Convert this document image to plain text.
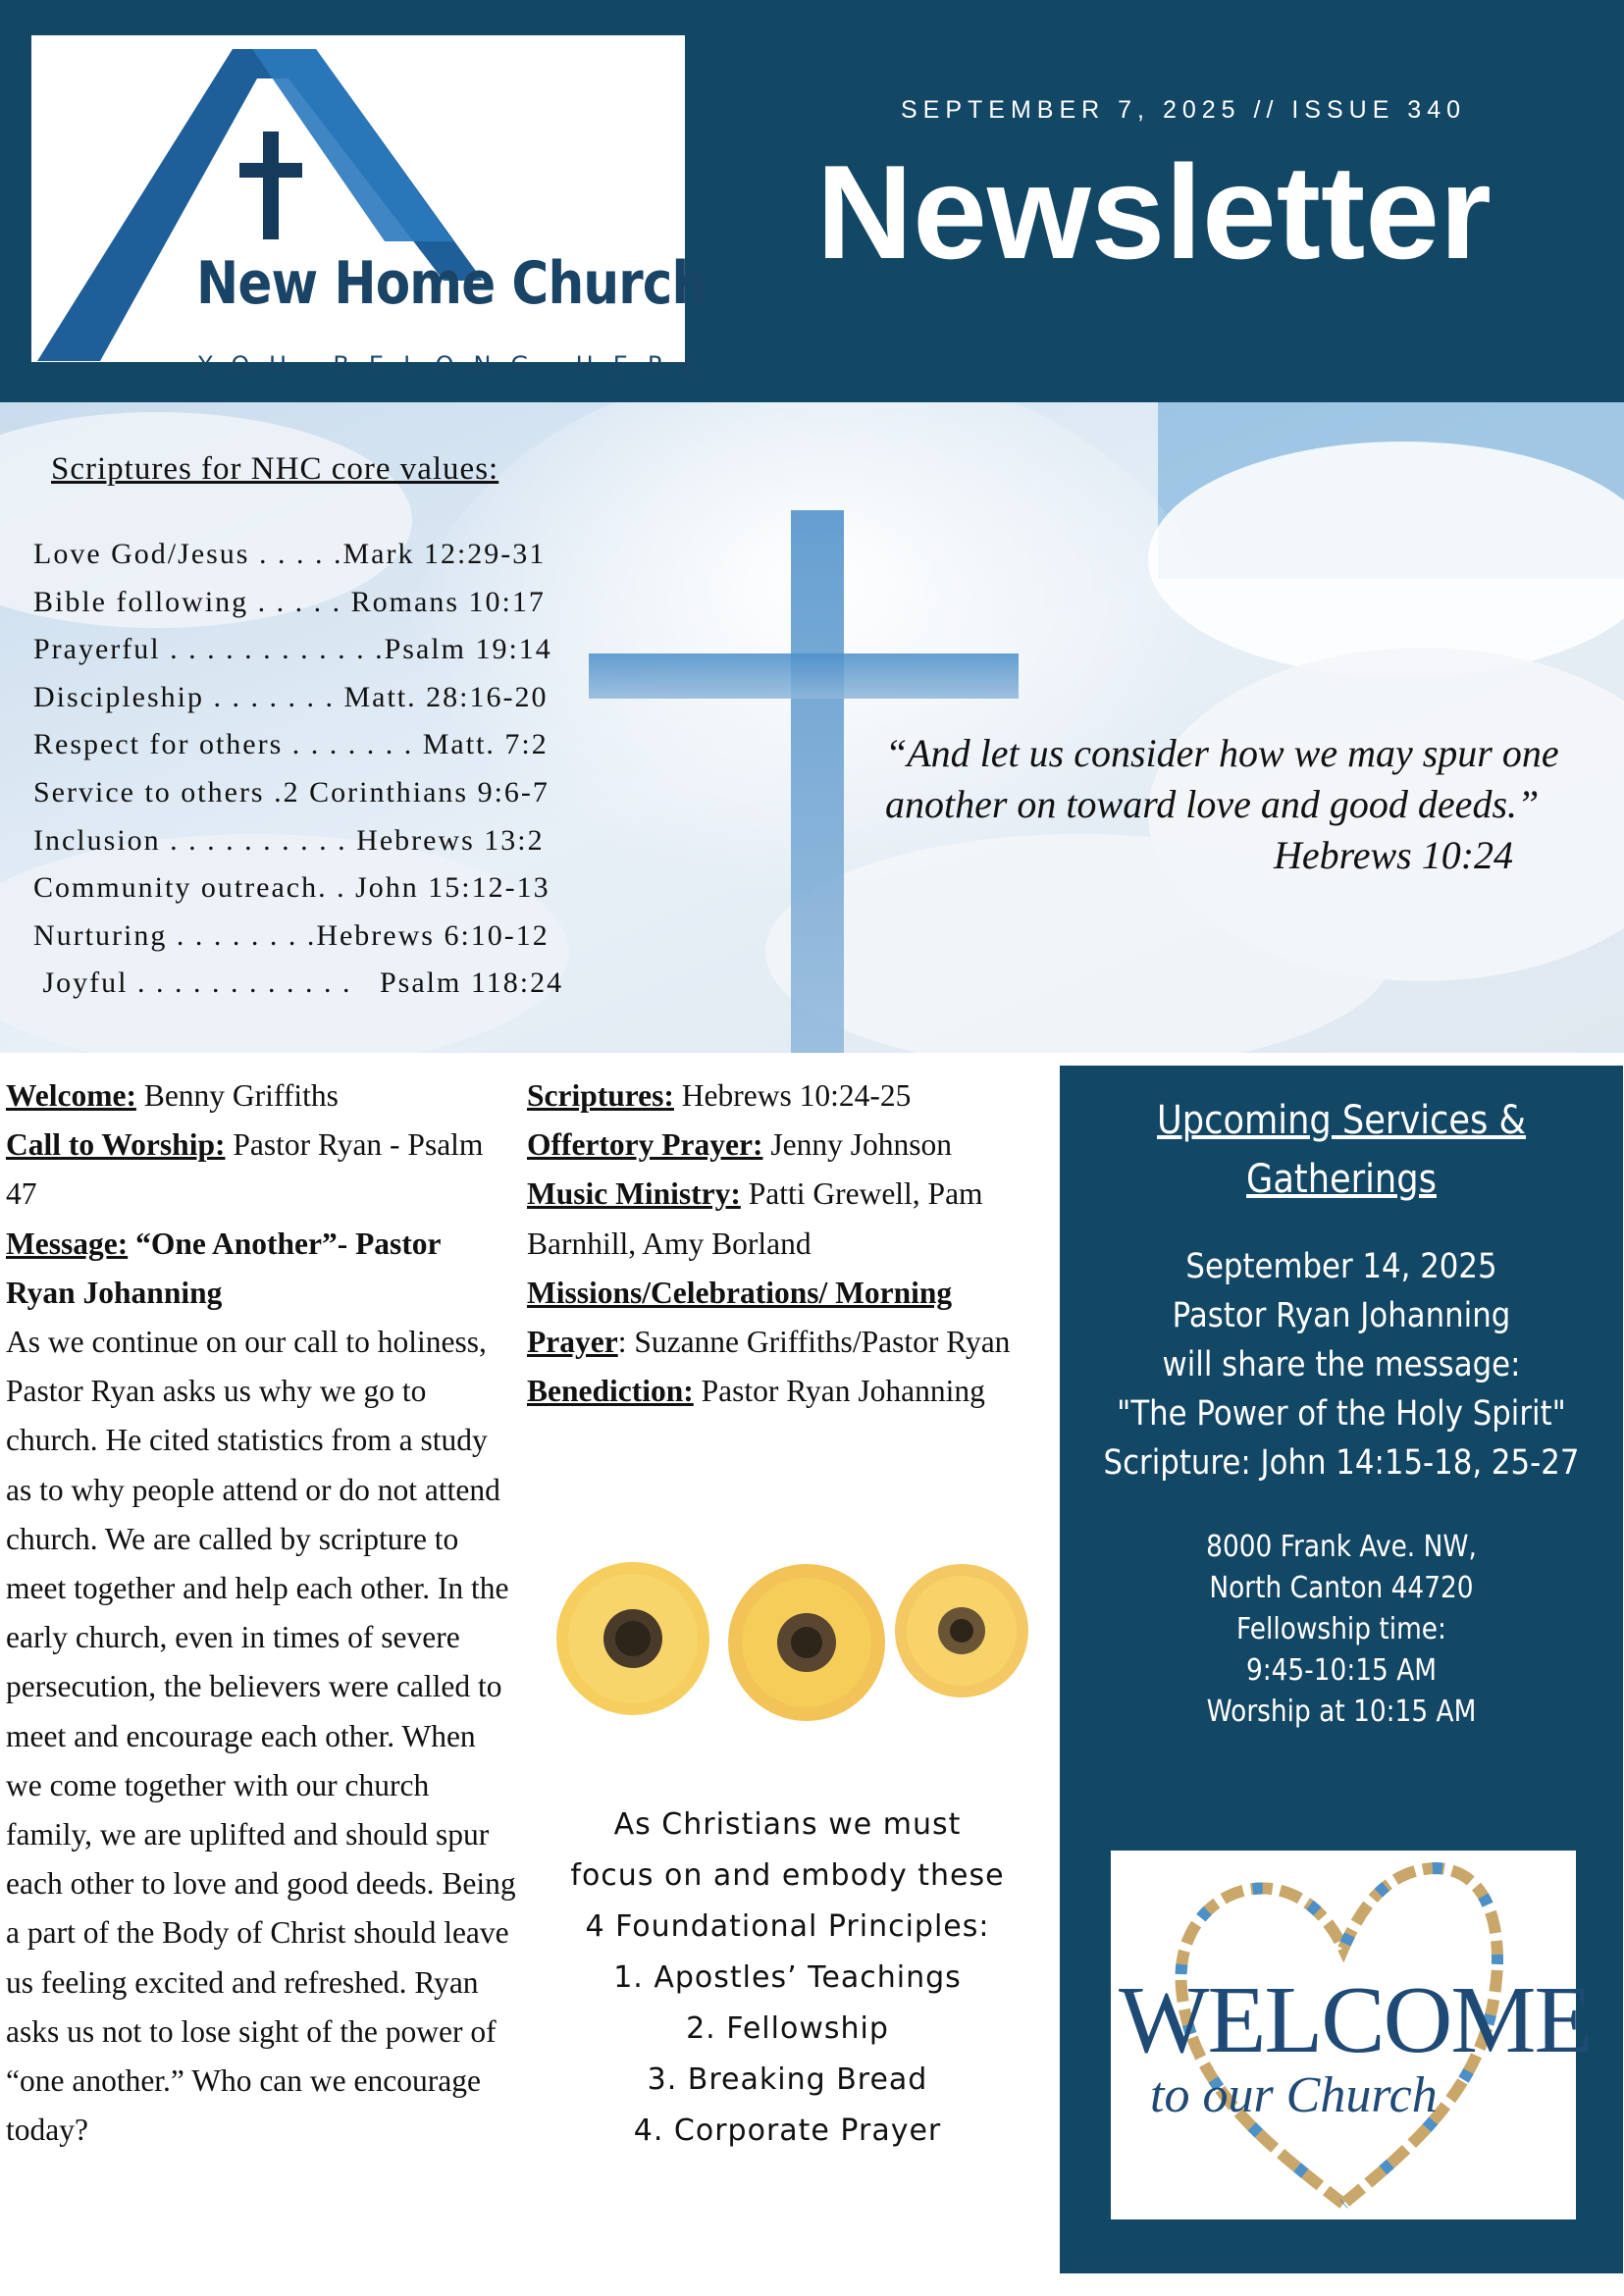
New Home Church
YOU BELONG HERE
SEPTEMBER 7, 2025 // ISSUE 340
Newsletter
Scriptures for NHC core values:
Love God/Jesus . . . . .Mark 12:29-31
Bible following . . . . . Romans 10:17
Prayerful . . . . . . . . . . . .Psalm 19:14
Discipleship . . . . . . . Matt. 28:16-20
Respect for others . . . . . . . Matt. 7:2
Service to others .2 Corinthians 9:6-7
Inclusion . . . . . . . . . . Hebrews 13:2
Community outreach. . John 15:12-13
Nurturing . . . . . . . .Hebrews 6:10-12
Joyful . . . . . . . . . . . .   Psalm 118:24
“And let us consider how we may spur one
another on toward love and good deeds.”
Hebrews 10:24
Welcome: Benny Griffiths
Call to Worship: Pastor Ryan - Psalm 47
Message: “One Another”- Pastor Ryan Johanning
As we continue on our call to holiness, Pastor Ryan asks us why we go to church. He cited statistics from a study as to why people attend or do not attend church. We are called by scripture to meet together and help each other. In the early church, even in times of severe persecution, the believers were called to meet and encourage each other. When we come together with our church family, we are uplifted and should spur each other to love and good deeds. Being a part of the Body of Christ should leave us feeling excited and refreshed. Ryan asks us not to lose sight of the power of “one another.” Who can we encourage today?
Scriptures: Hebrews 10:24-25
Offertory Prayer: Jenny Johnson
Music Ministry: Patti Grewell, Pam Barnhill, Amy Borland
Missions/Celebrations/ Morning
Prayer: Suzanne Griffiths/Pastor Ryan
Benediction: Pastor Ryan Johanning
As Christians we must
focus on and embody these
4 Foundational Principles:
1. Apostles’ Teachings
2. Fellowship
3. Breaking Bread
4. Corporate Prayer
Upcoming Services &
Gatherings
September 14, 2025
Pastor Ryan Johanning
will share the message:
"The Power of the Holy Spirit"
Scripture: John 14:15-18, 25-27
8000 Frank Ave. NW,
North Canton 44720
Fellowship time:
9:45-10:15 AM
Worship at 10:15 AM
WELCOME
to our Church
